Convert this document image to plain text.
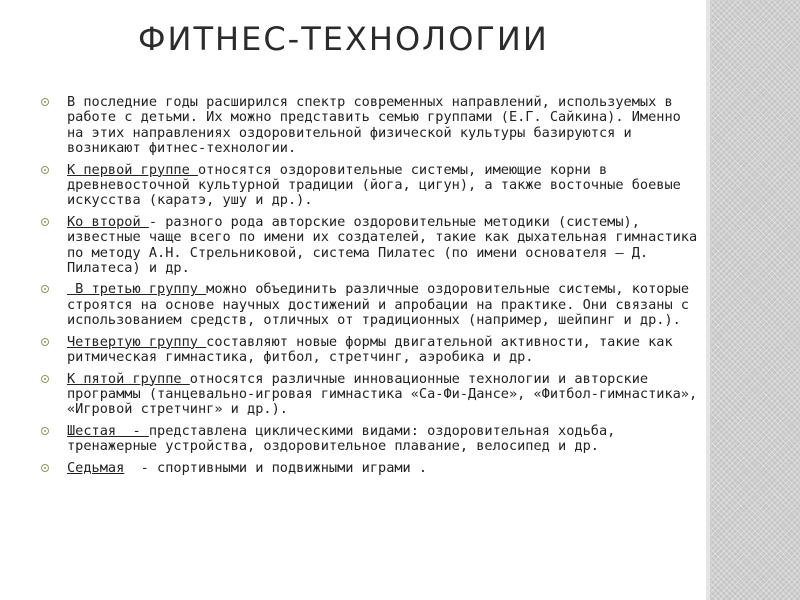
ФИТНЕС-ТЕХНОЛОГИИ
В последние годы расширился спектр современных направлений, используемых в работе с детьми. Их можно представить семью группами (Е.Г. Сайкина). Именно на этих направлениях оздоровительной физической культуры базируются и возникают фитнес-технологии.
К первой группе относятся оздоровительные системы, имеющие корни в древневосточной культурной традиции (йога, цигун), а также восточные боевые искусства (каратэ, ушу и др.).
Ко второй - разного рода авторские оздоровительные методики (системы), известные чаще всего по имени их создателей, такие как дыхательная гимнастика по методу А.Н. Стрельниковой, система Пилатес (по имени основателя – Д. Пилатеса) и др.
В третью группу можно объединить различные оздоровительные системы, которые строятся на основе научных достижений и апробации на практике. Они связаны с использованием средств, отличных от традиционных (например, шейпинг и др.).
Четвертую группу составляют новые формы двигательной активности, такие как ритмическая гимнастика, фитбол, стретчинг, аэробика и др.
К пятой группе относятся различные инновационные технологии и авторские программы (танцевально-игровая гимнастика «Са-Фи-Дансе», «Фитбол-гимнастика», «Игровой стретчинг» и др.).
Шестая  - представлена циклическими видами: оздоровительная ходьба, тренажерные устройства, оздоровительное плавание, велосипед и др.
Седьмая  - спортивными и подвижными играми .
